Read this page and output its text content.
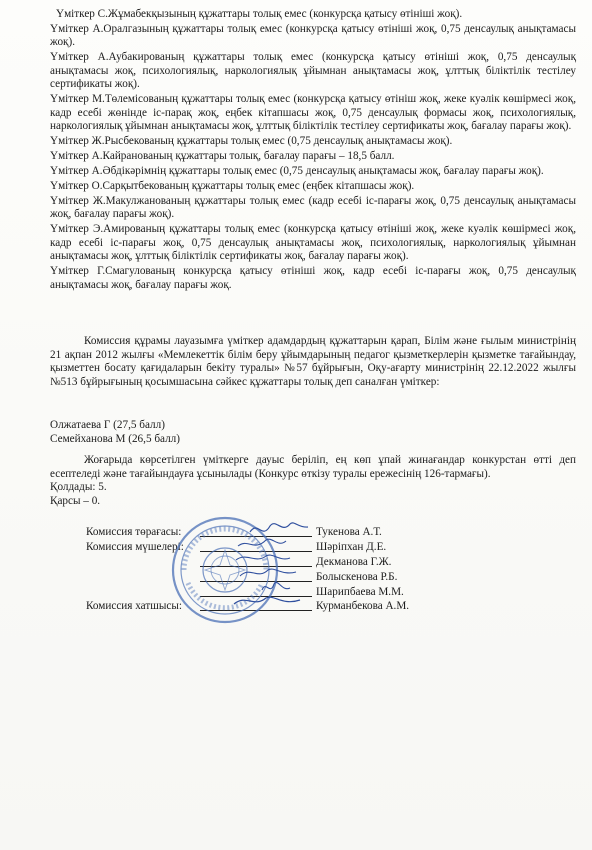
Үміткер С.Жұмабекқызының құжаттары толық емес (конкурсқа қатысу өтініші жоқ).

Үміткер А.Оралгазының құжаттары толық емес (конкурсқа қатысу өтініші жоқ, 0,75 денсаулық анықтамасы жоқ).

Үміткер А.Аубакированың құжаттары толық емес (конкурсқа қатысу өтініші жоқ, 0,75 денсаулық анықтамасы жоқ, психологиялық, наркологиялық ұйымнан анықтамасы жоқ, ұлттық біліктілік тестілеу сертификаты жоқ).

Үміткер М.Төлемісованың құжаттары толық емес (конкурсқа қатысу өтініш жоқ, жеке куәлік көшірмесі жоқ, кадр есебі жөнінде іс-парақ жоқ, еңбек кітапшасы жоқ, 0,75 денсаулық формасы жоқ, психологиялық, наркологиялық ұйымнан анықтамасы жоқ, ұлттық біліктілік тестілеу сертификаты жоқ, бағалау парағы жоқ).

Үміткер Ж.Рысбекованың құжаттары толық емес (0,75 денсаулық анықтамасы жоқ).

Үміткер А.Кайранованың құжаттары толық, бағалау парағы – 18,5 балл.

Үміткер А.Әбдікәрімнің құжаттары толық емес (0,75 денсаулық анықтамасы жоқ, бағалау парағы жоқ).

Үміткер О.Сарқытбекованың құжаттары толық емес (еңбек кітапшасы жоқ).

Үміткер Ж.Макулжанованың құжаттары толық емес (кадр есебі іс-парағы жоқ, 0,75 денсаулық анықтамасы жоқ, бағалау парағы жоқ).

Үміткер Э.Амированың құжаттары толық емес (конкурсқа қатысу өтініші жоқ, жеке куәлік көшірмесі жоқ, кадр есебі іс-парағы жоқ, 0,75 денсаулық анықтамасы жоқ, психологиялық, наркологиялық ұйымнан анықтамасы жоқ, ұлттық біліктілік сертификаты жоқ, бағалау парағы жоқ).

Үміткер Г.Смагулованың конкурсқа қатысу өтініші жоқ, кадр есебі іс-парағы жоқ, 0,75 денсаулық анықтамасы жоқ, бағалау парағы жоқ.

Комиссия құрамы лауазымға үміткер адамдардың құжаттарын қарап, Білім және ғылым министрінің 21 ақпан 2012 жылғы «Мемлекеттік білім беру ұйымдарының педагог қызметкерлерін қызметке тағайындау, қызметтен босату қағидаларын бекіту туралы» №57 бұйрығын, Оқу-ағарту министрінің 22.12.2022 жылғы №513 бұйрығының қосымшасына сәйкес құжаттары толық деп саналған үміткер:

Олжатаева Г (27,5 балл)
Семейханова М (26,5 балл)

Жоғарыда көрсетілген үміткерге дауыс беріліп, ең көп ұпай жинағандар конкурстан өтті деп есептеледі және тағайындауға ұсынылады (Конкурс өткізу туралы ережесінің 126-тармағы).

Қолдады: 5.

Қарсы – 0.

Комиссия төрағасы:	Тукенова А.Т.
Комиссия мүшелері:	Шәріпхан Д.Е.
Декманова Г.Ж.
Болыскенова Р.Б.
Шарипбаева М.М.
Комиссия хатшысы:	Курманбекова А.М.
